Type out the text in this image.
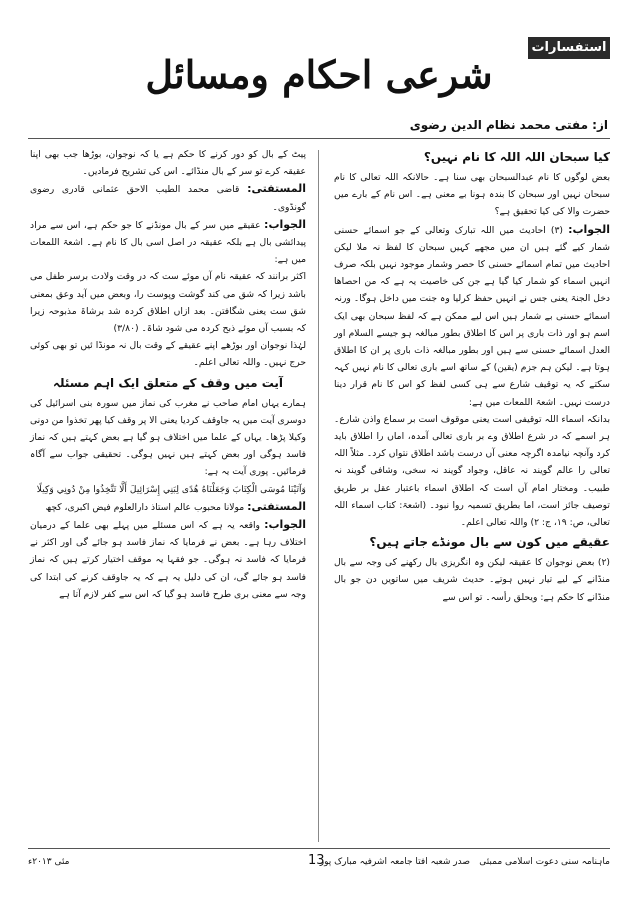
استفسارات
شرعی احکام ومسائل
از: مفتی محمد نظام الدین رضوی
کیا سبحان اللہ اللہ کا نام نہیں؟

بعض لوگوں کا نام عبدالسبحان بھی سنا ہے۔ حالانکہ اللہ تعالی کا نام سبحان نہیں اور سبحان کا بندہ ہونا بے معنی ہے۔ اس نام کے بارے میں حضرت والا کی کیا تحقیق ہے؟

الجواب: (۳) احادیث میں اللہ تبارک وتعالی کے جو اسمائے حسنی شمار کیے گئے ہیں ان میں مجھے کہیں سبحان کا لفظ نہ ملا لیکن احادیث میں تمام اسمائے حسنی کا حصر وشمار موجود نہیں بلکہ صرف انہیں اسماء کو شمار کیا گیا ہے جن کی خاصیت یہ ہے کہ من احصاھا دخل الجنۃ یعنی جس نے انہیں حفظ کرلیا وہ جنت میں داخل ہوگا۔ ورنہ اسمائے حسنی بے شمار ہیں اس لیے ممکن ہے کہ لفظ سبحان بھی ایک اسم ہو اور ذات باری پر اس کا اطلاق بطور مبالغہ ہو جیسے السلام اور العدل اسمائے حسنی سے ہیں اور بطور مبالغہ ذات باری پر ان کا اطلاق ہوتا ہے۔ لیکن ہم جزم (یقین) کے ساتھ اسے باری تعالی کا نام نہیں کہہ سکتے کہ یہ توقیف شارع سے ہی کسی لفظ کو اس کا نام قرار دینا درست نہیں۔ اشعۃ اللمعات میں ہے:

بدانکہ اسماء اللہ توقیفی است یعنی موقوف است بر سماع واذن شارع۔ ہر اسمے کہ در شرع اطلاق وے بر باری تعالی آمدہ، اماں را اطلاق باید کرد وآنچہ نیامدہ اگرچہ معنی آں درست باشد اطلاق نتواں کرد۔ مثلاً اللہ تعالی را عالم گویند نہ عاقل، وجواد گویند نہ سخی، وشافی گویند نہ طبیب۔ ومختار امام آں است کہ اطلاق اسماء باعتبار عقل بر طریق توصیف جائز است، اما بطریق تسمیہ روا نبود۔ (اشعۃ: کتاب اسماء اللہ تعالی، ص: ۱۹، ج: ۲) واللہ تعالی اعلم۔

عقیقے میں کون سے بال مونڈے جاتے ہیں؟

(۲) بعض نوجوان کا عقیقہ لیکن وہ انگریزی بال رکھنے کی وجہ سے بال منڈانے کے لیے تیار نہیں ہوتے۔ حدیث شریف میں ساتویں دن جو بال منڈانے کا حکم ہے: ویحلق رأسہ۔ تو اس سے

پیٹ کے بال کو دور کرنے کا حکم ہے یا کہ نوجوان، بوڑھا جب بھی اپنا عقیقہ کرے تو سر کے بال منڈائے۔ اس کی تشریح فرمادیں۔

المستفتی: قاضی محمد الطیب الاحق عثمانی قادری رضوی گونڈوی۔

الجواب: عقیقے میں سر کے بال مونڈنے کا جو حکم ہے، اس سے مراد پیدائشی بال ہے بلکہ عقیقہ در اصل اسی بال کا نام ہے۔ اشعۃ اللمعات میں ہے:

اکثر برانند کہ عقیقہ نام آں موئے ست کہ در وقت ولادت برسر طفل می باشد زیرا کہ شق می کند گوشت وپوست را، وبعض میں آید وعق بمعنی شق ست یعنی شگافتن۔ بعد ازاں اطلاق کردہ شد برشاۃ مذبوحہ زیرا کہ بسبب آں موئے ذبح کردہ می شود شاۃ۔ (۳/۸۰)

لہٰذا نوجوان اور بوڑھے اپنے عقیقے کے وقت بال نہ مونڈا ئیں تو بھی کوئی حرج نہیں۔ واللہ تعالی اعلم۔

آیت میں وقف کے متعلق ایک اہم مسئلہ

ہمارے یہاں امام صاحب نے مغرب کی نماز میں سورہ بنی اسرائیل کی دوسری آیت میں یہ جاوقف کردیا یعنی الا پر وقف کیا پھر تخذوا من دونی وکیلا پڑھا۔ یہاں کے علما میں اختلاف ہو گیا ہے بعض کہتے ہیں کہ نماز فاسد ہوگی اور بعض کہتے ہیں نہیں ہوگی۔ تحقیقی جواب سے آگاہ فرمائیں۔ پوری آیت یہ ہے:

وَآتَيْنَا مُوسَى الْكِتَابَ وَجَعَلْنَاهُ هُدًى لِبَنِي إِسْرَائِيلَ أَلَّا تَتَّخِذُوا مِنْ دُونِي وَكِيلًا

المستفتی: مولانا محبوب عالم استاذ دارالعلوم فیض اکبری، کچھ

الجواب: واقعہ یہ ہے کہ اس مسئلے میں پہلے بھی علما کے درمیان اختلاف رہا ہے۔ بعض نے فرمایا کہ نماز فاسد ہو جائے گی اور اکثر نے فرمایا کہ فاسد نہ ہوگی۔ جو فقہا یہ موقف اختیار کرتے ہیں کہ نماز فاسد ہو جائے گی، ان کی دلیل یہ ہے کہ یہ جاوقف کرنے کی ابتدا کی وجہ سے معنی بری طرح فاسد ہو گیا کہ اس سے کفر لازم آتا ہے

ماہنامہ سنی دعوت اسلامی ممبئی
صدر شعبہ افتا جامعہ اشرفیہ مبارک پور
13
مئی ۲۰۱۳ء
